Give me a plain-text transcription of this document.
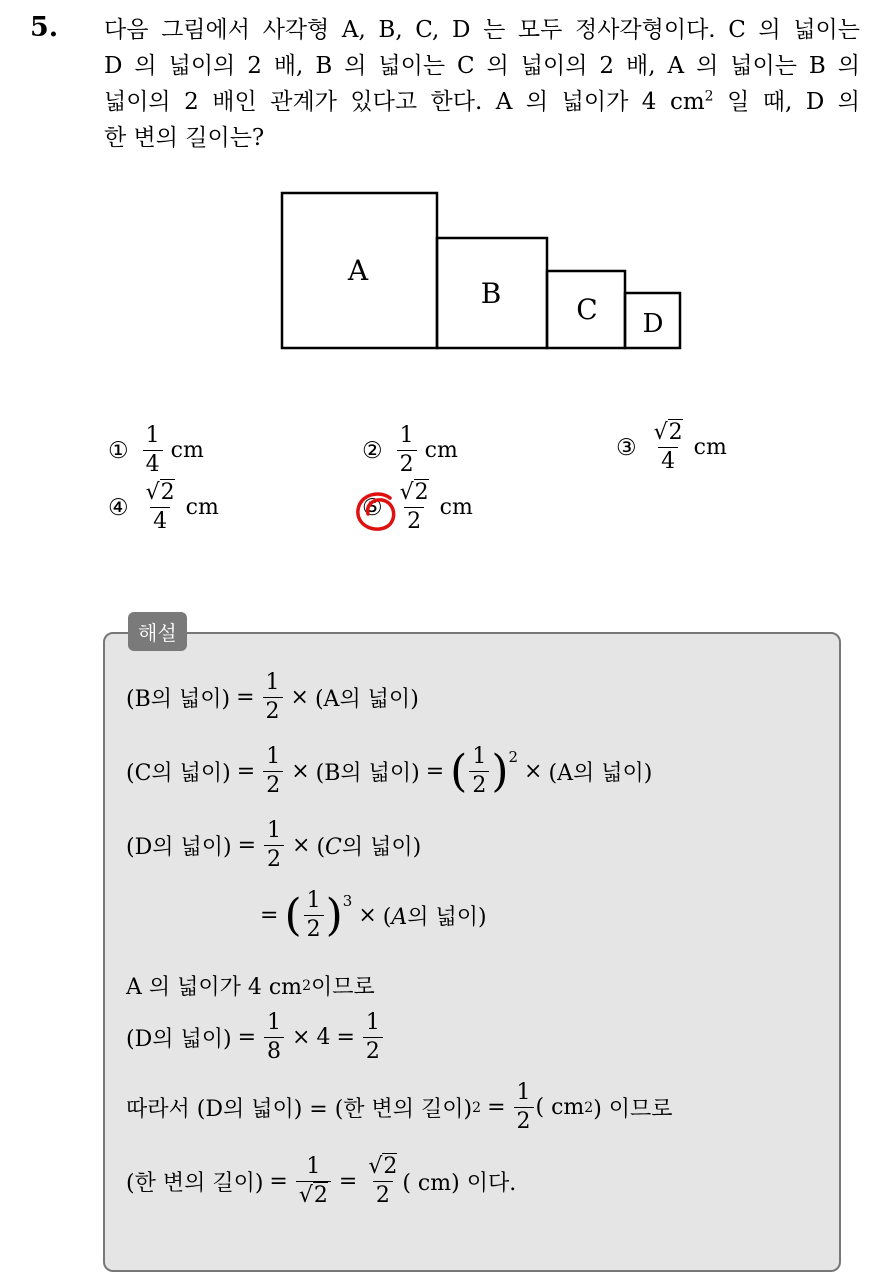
5. 다음 그림에서 사각형 A, B, C, D 는 모두 정사각형이다. C 의 넓이는
D 의 넓이의 2 배, B 의 넓이는 C 의 넓이의 2 배, A 의 넓이는 B 의
넓이의 2 배인 관계가 있다고 한다. A 의 넓이가 4 $cm^2$ 일 때, D 의
한 변의 길이는?
A
B	C D
① $\frac{1}{4}$ cm	② $\frac{1}{2}$ cm	③ $\frac{√2}{4}$ cm
④ $\frac{√2}{4}$ cm	⑤ $\frac{√2}{2}$ cm
해설
(B의 넓이) = $\frac{1}{2} \times (A$의 넓이)
(C의 넓이) = $\frac{1}{2} \times (B$의 넓이) = ( $\frac{1}{2}$ ) 2
× (A의 넓이)
(D의 넓이) = $\frac{1}{2} \times (C$의 넓이)
= ( $\frac{1}{2}$ ) 3
× (A의 넓이)
A 의 넓이가 4 cm 2 이므로
(D의 넓이) = $\frac{1}{8} \times 4 = \frac{1}{2}$
따라서 (D의 넓이) = (한 변의 길이) $2 = \frac{1}{2}$ ( cm 2 ) 이므로
(한 변의 길이) = $\frac{1}{√2} = \frac{√2}{2}$ ( cm) 이다.
